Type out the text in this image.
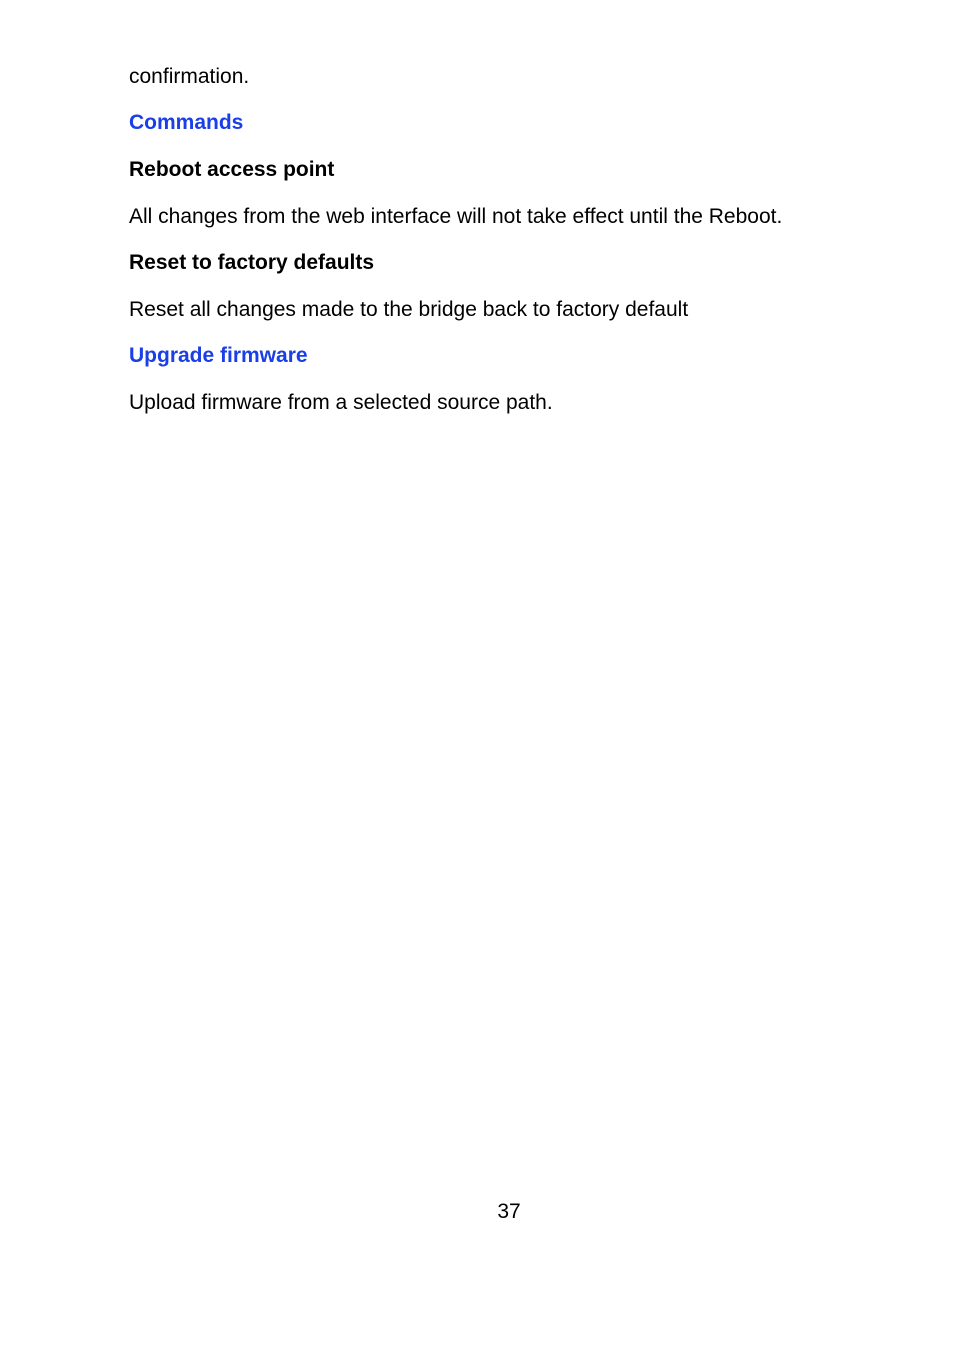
confirmation.
Commands
Reboot access point
All changes from the web interface will not take effect until the Reboot.
Reset to factory defaults
Reset all changes made to the bridge back to factory default
Upgrade firmware
Upload firmware from a selected source path.
37
